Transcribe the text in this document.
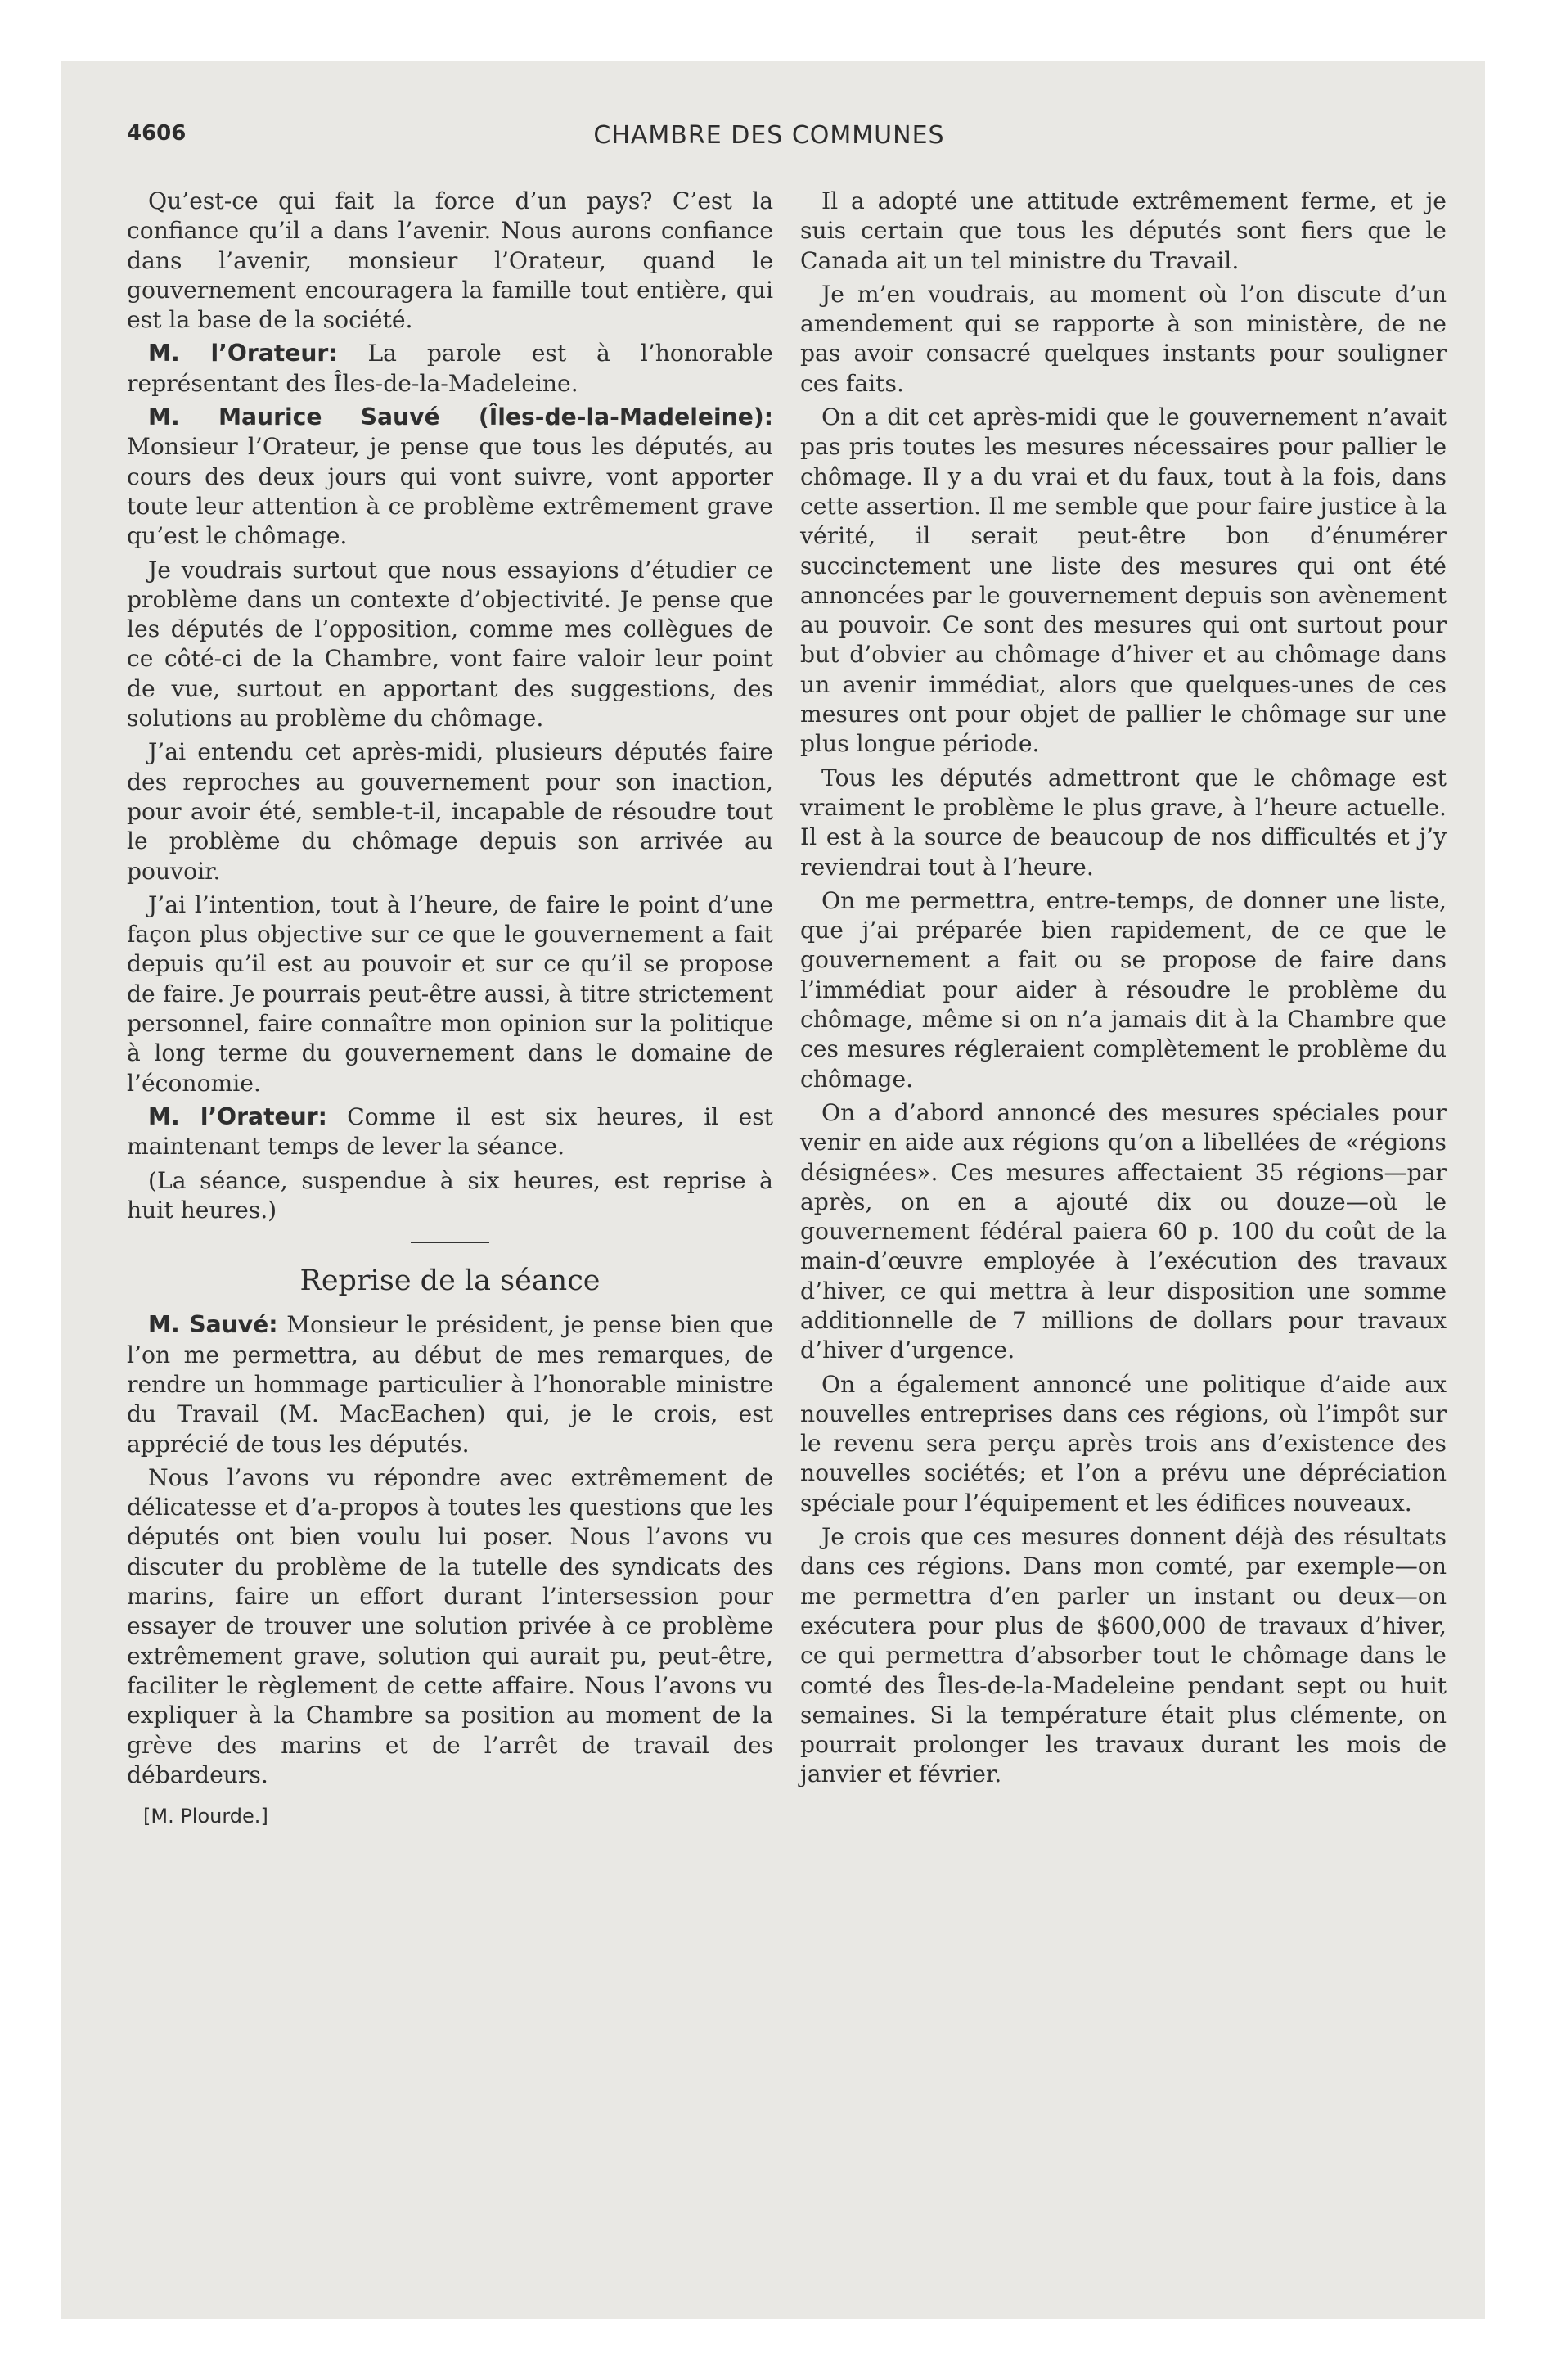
4606	CHAMBRE DES COMMUNES

Qu’est-ce qui fait la force d’un pays? C’est la confiance qu’il a dans l’avenir. Nous aurons confiance dans l’avenir, monsieur l’Orateur, quand le gouvernement encouragera la famille tout entière, qui est la base de la société.

M. l’Orateur: La parole est à l’honorable représentant des Îles-de-la-Madeleine.

M. Maurice Sauvé (Îles-de-la-Madeleine): Monsieur l’Orateur, je pense que tous les députés, au cours des deux jours qui vont suivre, vont apporter toute leur attention à ce problème extrêmement grave qu’est le chômage.

Je voudrais surtout que nous essayions d’étudier ce problème dans un contexte d’objectivité. Je pense que les députés de l’opposition, comme mes collègues de ce côté-ci de la Chambre, vont faire valoir leur point de vue, surtout en apportant des suggestions, des solutions au problème du chômage.

J’ai entendu cet après-midi, plusieurs députés faire des reproches au gouvernement pour son inaction, pour avoir été, semble-t-il, incapable de résoudre tout le problème du chômage depuis son arrivée au pouvoir.

J’ai l’intention, tout à l’heure, de faire le point d’une façon plus objective sur ce que le gouvernement a fait depuis qu’il est au pouvoir et sur ce qu’il se propose de faire. Je pourrais peut-être aussi, à titre strictement personnel, faire connaître mon opinion sur la politique à long terme du gouvernement dans le domaine de l’économie.

M. l’Orateur: Comme il est six heures, il est maintenant temps de lever la séance.

(La séance, suspendue à six heures, est reprise à huit heures.)

Reprise de la séance

M. Sauvé: Monsieur le président, je pense bien que l’on me permettra, au début de mes remarques, de rendre un hommage particulier à l’honorable ministre du Travail (M. MacEachen) qui, je le crois, est apprécié de tous les députés.

Nous l’avons vu répondre avec extrêmement de délicatesse et d’a-propos à toutes les questions que les députés ont bien voulu lui poser. Nous l’avons vu discuter du problème de la tutelle des syndicats des marins, faire un effort durant l’intersession pour essayer de trouver une solution privée à ce problème extrêmement grave, solution qui aurait pu, peut-être, faciliter le règlement de cette affaire. Nous l’avons vu expliquer à la Chambre sa position au moment de la grève des marins et de l’arrêt de travail des débardeurs.

[M. Plourde.]

Il a adopté une attitude extrêmement ferme, et je suis certain que tous les députés sont fiers que le Canada ait un tel ministre du Travail.

Je m’en voudrais, au moment où l’on discute d’un amendement qui se rapporte à son ministère, de ne pas avoir consacré quelques instants pour souligner ces faits.

On a dit cet après-midi que le gouvernement n’avait pas pris toutes les mesures nécessaires pour pallier le chômage. Il y a du vrai et du faux, tout à la fois, dans cette assertion. Il me semble que pour faire justice à la vérité, il serait peut-être bon d’énumérer succinctement une liste des mesures qui ont été annoncées par le gouvernement depuis son avènement au pouvoir. Ce sont des mesures qui ont surtout pour but d’obvier au chômage d’hiver et au chômage dans un avenir immédiat, alors que quelques-unes de ces mesures ont pour objet de pallier le chômage sur une plus longue période.

Tous les députés admettront que le chômage est vraiment le problème le plus grave, à l’heure actuelle. Il est à la source de beaucoup de nos difficultés et j’y reviendrai tout à l’heure.

On me permettra, entre-temps, de donner une liste, que j’ai préparée bien rapidement, de ce que le gouvernement a fait ou se propose de faire dans l’immédiat pour aider à résoudre le problème du chômage, même si on n’a jamais dit à la Chambre que ces mesures régleraient complètement le problème du chômage.

On a d’abord annoncé des mesures spéciales pour venir en aide aux régions qu’on a libellées de «régions désignées». Ces mesures affectaient 35 régions—par après, on en a ajouté dix ou douze—où le gouvernement fédéral paiera 60 p. 100 du coût de la main-d’œuvre employée à l’exécution des travaux d’hiver, ce qui mettra à leur disposition une somme additionnelle de 7 millions de dollars pour travaux d’hiver d’urgence.

On a également annoncé une politique d’aide aux nouvelles entreprises dans ces régions, où l’impôt sur le revenu sera perçu après trois ans d’existence des nouvelles sociétés; et l’on a prévu une dépréciation spéciale pour l’équipement et les édifices nouveaux.

Je crois que ces mesures donnent déjà des résultats dans ces régions. Dans mon comté, par exemple—on me permettra d’en parler un instant ou deux—on exécutera pour plus de $600,000 de travaux d’hiver, ce qui permettra d’absorber tout le chômage dans le comté des Îles-de-la-Madeleine pendant sept ou huit semaines. Si la température était plus clémente, on pourrait prolonger les travaux durant les mois de janvier et février.
